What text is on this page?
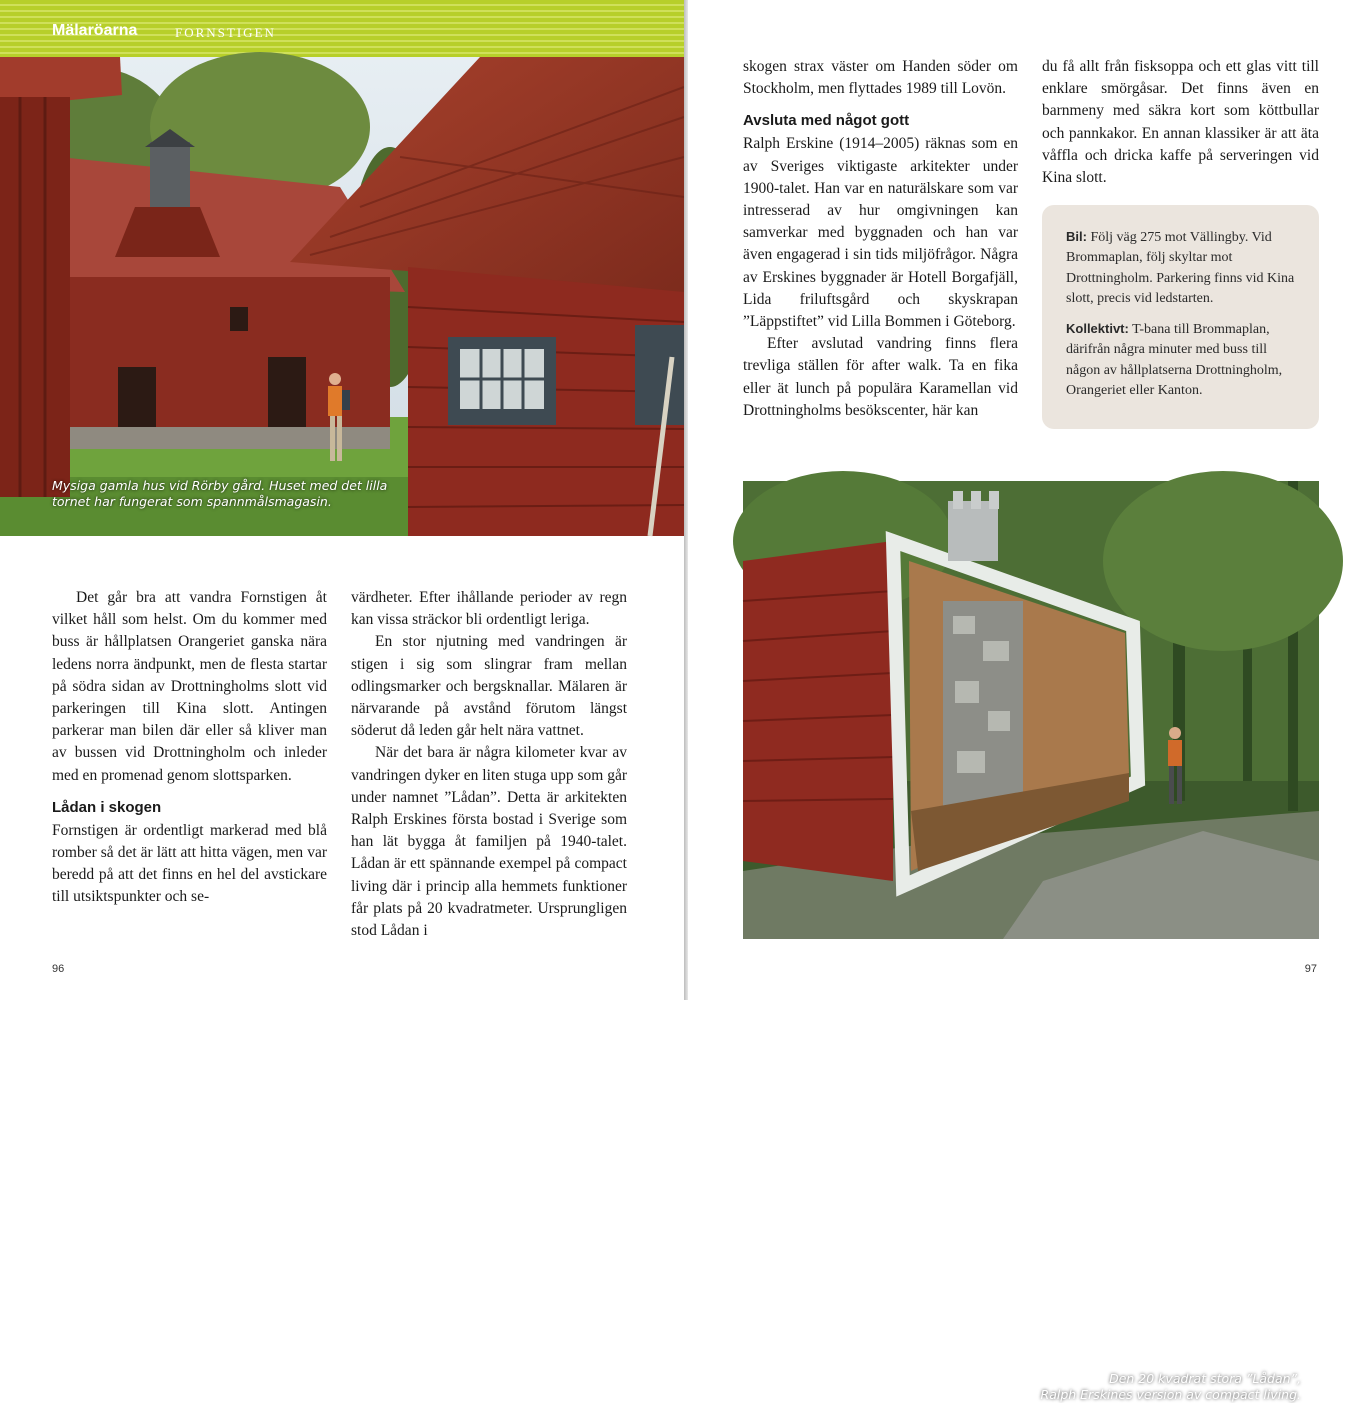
Mälaröarna	FORNSTIGEN
Mysiga gamla hus vid Rörby gård. Huset med det lilla tornet har fungerat som spannmålsmagasin.

Det går bra att vandra Fornstigen åt vilket håll som helst. Om du kommer med buss är hållplatsen Orangeriet ganska nära ledens norra ändpunkt, men de flesta startar på södra sidan av Drottningholms slott vid parkeringen till Kina slott. Antingen parkerar man bilen där eller så kliver man av bussen vid Drottningholm och inleder med en promenad genom slottsparken.

Lådan i skogen

Fornstigen är ordentligt markerad med blå romber så det är lätt att hitta vägen, men var beredd på att det finns en hel del avstickare till utsiktspunkter och se-

värdheter. Efter ihållande perioder av regn kan vissa sträckor bli ordentligt leriga.

En stor njutning med vandringen är stigen i sig som slingrar fram mellan odlingsmarker och bergsknallar. Mälaren är närvarande på avstånd förutom längst söderut då leden går helt nära vattnet.

När det bara är några kilometer kvar av vandringen dyker en liten stuga upp som går under namnet ”Lådan”. Detta är arkitekten Ralph Erskines första bostad i Sverige som han lät bygga åt familjen på 1940-talet. Lådan är ett spännande exempel på compact living där i princip alla hemmets funktioner får plats på 20 kvadratmeter. Ursprungligen stod Lådan i

96

skogen strax väster om Handen söder om Stockholm, men flyttades 1989 till Lovön.

Avsluta med något gott

Ralph Erskine (1914–2005) räknas som en av Sveriges viktigaste arkitekter under 1900-talet. Han var en naturälskare som var intresserad av hur omgivningen kan samverkar med byggnaden och han var även engagerad i sin tids miljöfrågor. Några av Erskines byggnader är Hotell Borgafjäll, Lida friluftsgård och skyskrapan ”Läppstiftet” vid Lilla Bommen i Göteborg.

Efter avslutad vandring finns flera trevliga ställen för after walk. Ta en fika eller ät lunch på populära Karamellan vid Drottningholms besökscenter, här kan

du få allt från fisksoppa och ett glas vitt till enklare smörgåsar. Det finns även en barnmeny med säkra kort som köttbullar och pannkakor. En annan klassiker är att äta våffla och dricka kaffe på serveringen vid Kina slott.

Bil: Följ väg 275 mot Vällingby. Vid Brommaplan, följ skyltar mot Drottningholm. Parkering finns vid Kina slott, precis vid ledstarten.

Kollektivt: T-bana till Brommaplan, därifrån några minuter med buss till någon av hållplatserna Drottningholm, Orangeriet eller Kanton.

Den 20 kvadrat stora ”Lådan”,
Ralph Erskines version av compact living.
97
